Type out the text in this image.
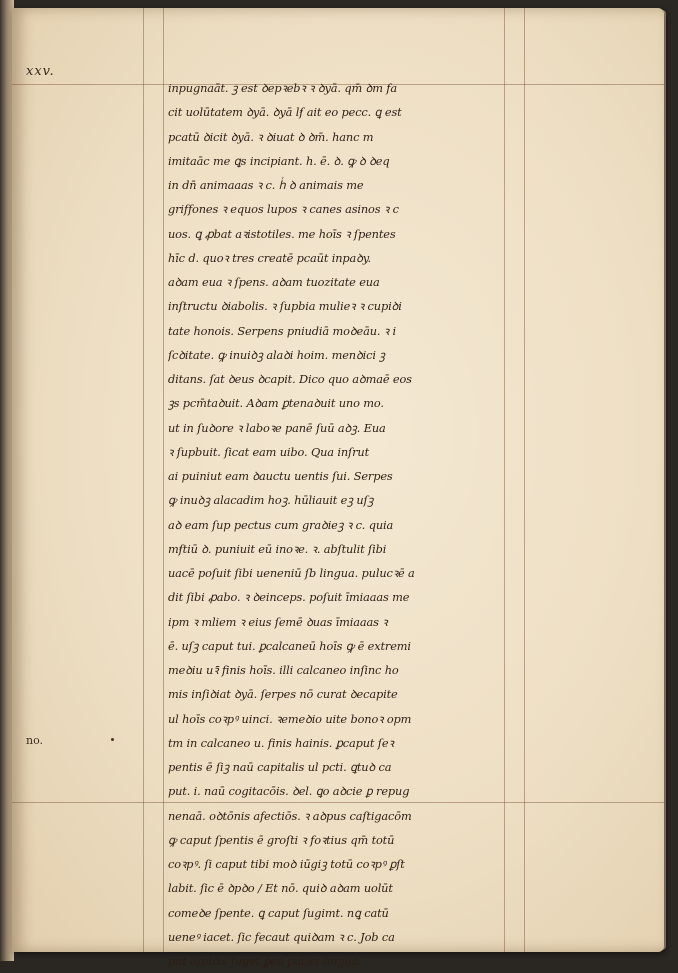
xxv.
no.
inpugnaāt. ꝫ est ꝺepꝛebꝛ ꝛ ꝺyā. qm̄ ꝺm fa
cit uolūtatem ꝺyā. ꝺyā lẜ ait eo pecc. ꝗ est
pcatū ꝺicit ꝺyā. ꝛ ꝺiuat ꝺ ꝺm̄. hanc m
imitaāc me ꝗs incipiant. h. ē. ꝺ. ꝙ ꝺ ꝺeq
in dn̄ animaaas ꝛ c. hᷣ ꝺ animais me
griffones ꝛ equos lupos ꝛ canes asinos ꝛ c
uos. ꝗ ꝓbat aꝛistotiles. me hoīs ꝛ ſpentes
hīc d. quoꝛ tres creatē pcaūt inpaꝺy.
aꝺam eua ꝛ ſpens. aꝺam tuozitate eua
inſtructu ꝺiabolis. ꝛ ſupbia mulieꝛ ꝛ cupiꝺi
tate honois. Serpens pniudiā moꝺeāu. ꝛ i
ſcꝺitate. ꝙ inuiꝺꝫ alaꝺi hoim. menꝺici ꝫ
ditans. ſat ꝺeus ꝺcapit. Dico quo aꝺmaē eos
ꝫs pcm̄taꝺuit. Aꝺam ꝑtenaꝺuit uno mo.
ut in ſuꝺore ꝛ laboꝛe panē ſuū aꝺꝫ. Eua
ꝛ ſupbuit. ſicat eam uibo. Qua inſrut
ai puiniut eam ꝺauctu uentis ſui. Serpes
ꝙ inuꝺꝫ alacadim hoꝫ. hūliauit eꝫ uſꝫ
aꝺ eam ſup pectus cum graꝺieꝫ ꝛ c. quia
mẜtiū ꝺ. puniuit eū inoꝛe. ꝛ. abſtulit ſibi
uacē poſuit ſibi ueneniū ſb lingua. pulucꝛē a
dit ſibi ꝓabo. ꝛ ꝺeinceps. poſuit īmiaaas me
ipm ꝛ mliem ꝛ eius ſemē ꝺuas īmiaaas ꝛ
ē. uſꝫ caput tui. ꝑcalcaneū hoīs ꝙ ē extremi
meꝺiu uꝛ̄ finis hoīs. illi calcaneo inſinc ho
mis inſiꝺiat ꝺyā. ſerpes nō curat ꝺecapite
ul hoīs coꝛpꝰ uinci. ꝛemeꝺio uite bonoꝛ opm
tm in calcaneo u. finis hainis. ꝑcaput ſeꝛ
pentis ē ſiꝫ naū capitalis ul pcti. ꝗtuꝺ ca
put. i. naū cogitacōis. ꝺel. ꝗo aꝺcie ꝑ repug
nenaā. oꝺtōnis afectiōs. ꝛ aꝺpus caſtigacōm
ꝙ caput ſpentis ē groſti ꝛ foꝛtius qm̄ totū
coꝛpꝰ. ſi caput tibi moꝺ iūgiꝫ totū coꝛpꝰ ꝑſt
labit. ſic ē ꝺpꝺo / Et nō. quiꝺ aꝺam uolūt
comeꝺe ſpente. ꝗ caput ſugimt. nꝗ catū
ueneꝰ iacet. ſic fecaut quiꝺam ꝛ c. Job ca
put aſpiꝺis ſuget ꝑea patiet lingua.
